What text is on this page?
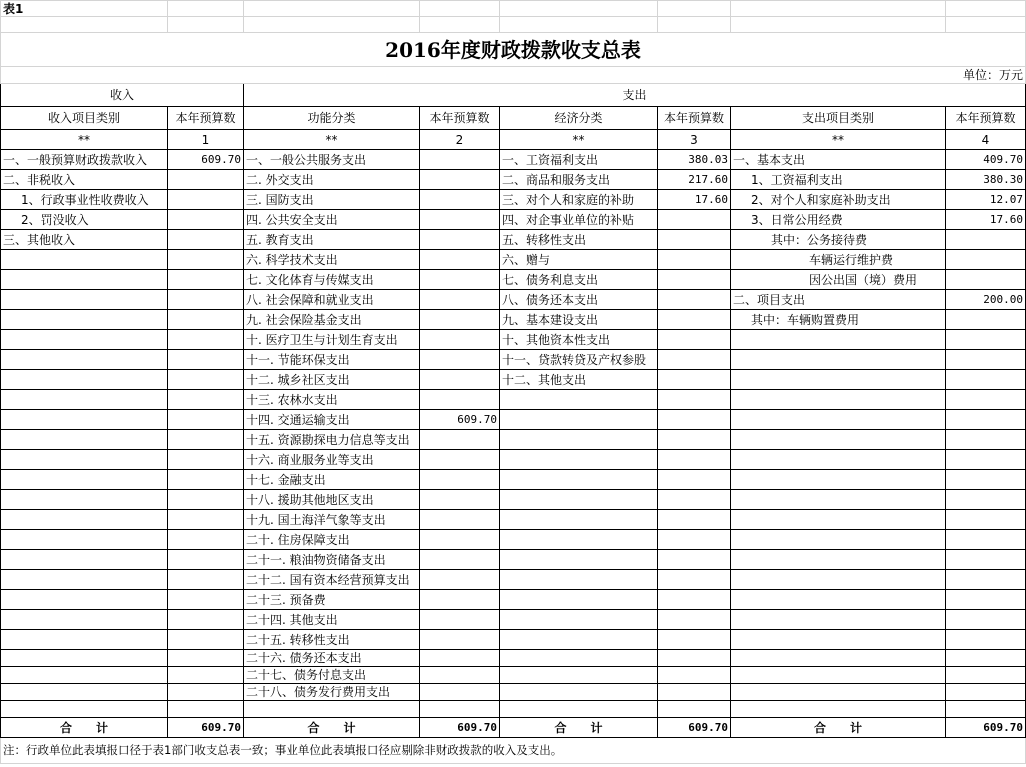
表1							

2016年度财政拨款收支总表							
单位：万元							
收入		支出					
收入项目类别	本年预算数	功能分类	本年预算数	经济分类	本年预算数	支出项目类别	本年预算数
**	1	**	2	**	3	**	4
一、一般预算财政拨款收入	609.70	一、一般公共服务支出		一、工资福利支出	380.03	一、基本支出	409.70
二、非税收入		二. 外交支出		二、商品和服务支出	217.60	1、工资福利支出	380.30
1、行政事业性收费收入		三. 国防支出		三、对个人和家庭的补助	17.60	2、对个人和家庭补助支出	12.07
2、罚没收入		四. 公共安全支出		四、对企事业单位的补贴		3、日常公用经费	17.60
三、其他收入		五. 教育支出		五、转移性支出		其中：公务接待费	
		六. 科学技术支出		六、赠与		车辆运行维护费	
		七. 文化体育与传媒支出		七、债务利息支出		因公出国（境）费用	
		八. 社会保障和就业支出		八、债务还本支出		二、项目支出	200.00
		九. 社会保险基金支出		九、基本建设支出		其中：车辆购置费用	
		十. 医疗卫生与计划生育支出		十、其他资本性支出			
		十一. 节能环保支出		十一、贷款转贷及产权参股			
		十二. 城乡社区支出		十二、其他支出			
		十三. 农林水支出					
		十四. 交通运输支出	609.70				
		十五. 资源勘探电力信息等支出					
		十六. 商业服务业等支出					
		十七. 金融支出					
		十八. 援助其他地区支出					
		十九. 国土海洋气象等支出					
		二十. 住房保障支出					
		二十一. 粮油物资储备支出					
		二十二. 国有资本经营预算支出					
		二十三. 预备费					
		二十四. 其他支出					
		二十五. 转移性支出					
		二十六. 债务还本支出					
		二十七、债务付息支出					
		二十八、债务发行费用支出					

合　　计	609.70	合　　计	609.70	合　　计	609.70	合　　计	609.70
注：行政单位此表填报口径于表1部门收支总表一致；事业单位此表填报口径应剔除非财政拨款的收入及支出。							
